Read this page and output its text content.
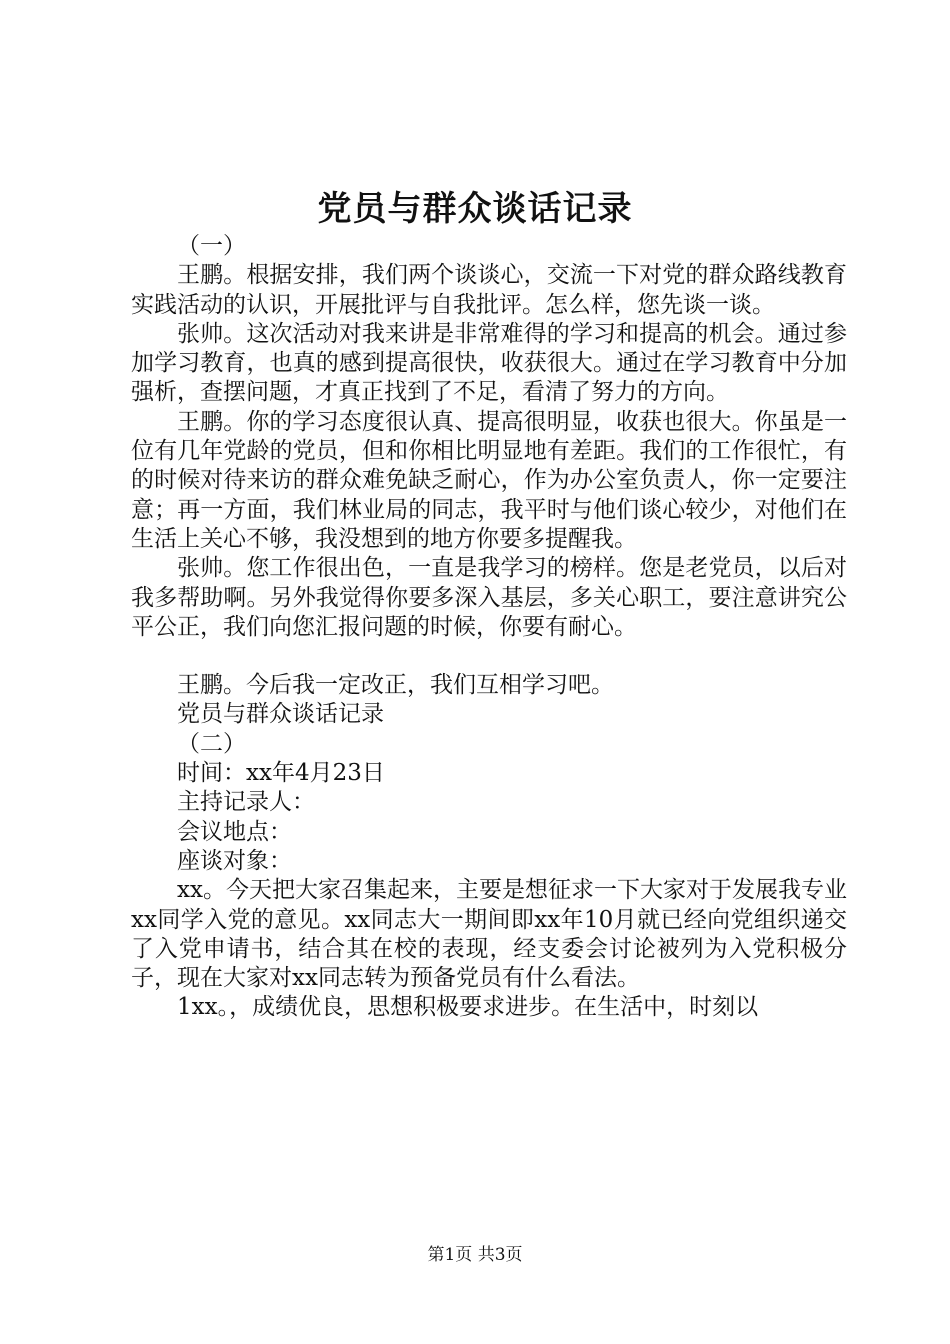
党员与群众谈话记录

（一）

王鹏。根据安排，我们两个谈谈心，交流一下对党的群众路线教育实践活动的认识，开展批评与自我批评。怎么样，您先谈一谈。

张帅。这次活动对我来讲是非常难得的学习和提高的机会。通过参加学习教育，也真的感到提高很快，收获很大。通过在学习教育中分加强析，查摆问题，才真正找到了不足，看清了努力的方向。

王鹏。你的学习态度很认真、提高很明显，收获也很大。你虽是一位有几年党龄的党员，但和你相比明显地有差距。我们的工作很忙，有的时候对待来访的群众难免缺乏耐心，作为办公室负责人，你一定要注意；再一方面，我们林业局的同志，我平时与他们谈心较少，对他们在生活上关心不够，我没想到的地方你要多提醒我。

张帅。您工作很出色，一直是我学习的榜样。您是老党员，以后对我多帮助啊。另外我觉得你要多深入基层，多关心职工，要注意讲究公平公正，我们向您汇报问题的时候，你要有耐心。

王鹏。今后我一定改正，我们互相学习吧。

党员与群众谈话记录

（二）

时间：xx年4月23日

主持记录人：

会议地点：

座谈对象：

xx。今天把大家召集起来，主要是想征求一下大家对于发展我专业xx同学入党的意见。xx同志大一期间即xx年10月就已经向党组织递交了入党申请书，结合其在校的表现，经支委会讨论被列为入党积极分子，现在大家对xx同志转为预备党员有什么看法。

1xx。，成绩优良，思想积极要求进步。在生活中，时刻以

第1页 共3页
